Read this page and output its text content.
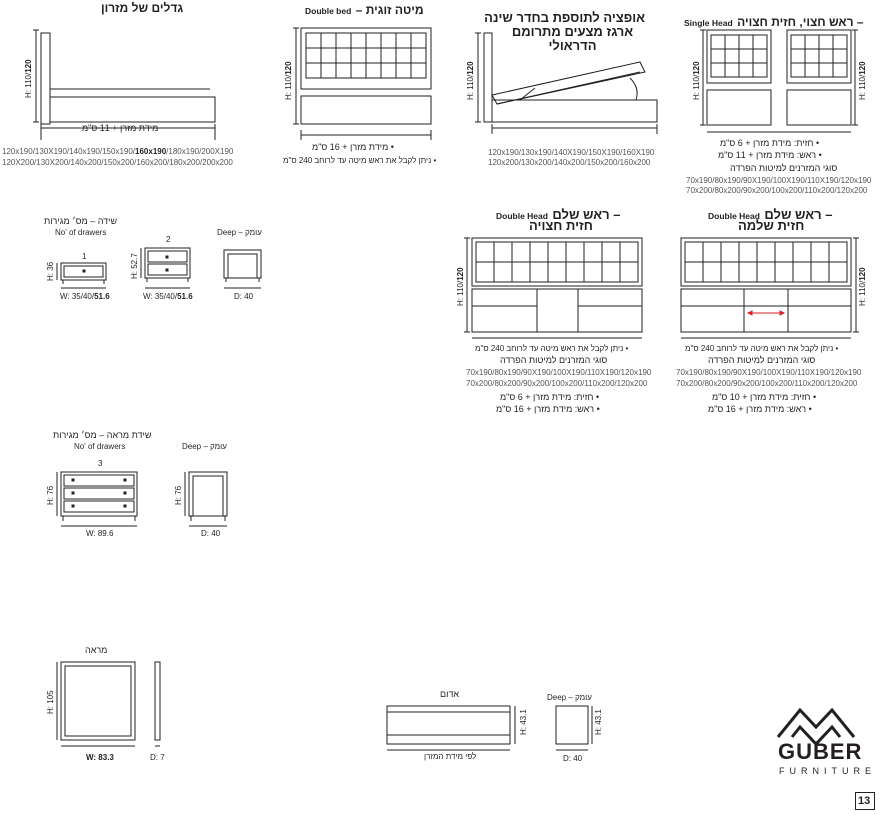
גדלים של מזרון
H: 110/120
מידת מזרן + 11 ס"מ
120x190/130X190/140x190/150x190/160x190/180x190/200X190
120X200/130X200/140x200/150x200/160x200/180x200/200x200
Double bed – מיטה זוגית
H: 110/120
• מידת מזרן + 16 ס"מ
• ניתן לקבל את ראש מיטה עד לרוחב 240 ס"מ
אופציה לתוספת בחדר שינה
ארגז מצעים מתרומם
הדראולי
H: 110/120
120x190/130x190/140X190/150X190/160X190
120x200/130x200/140x200/150x200/160x200
Single Head ראש חצוי, חזית חצויה –
H: 110/120
H: 110/120
• חזית: מידת מזרן + 6 ס"מ
• ראש: מידת מזרן + 11 ס"מ
סוגי המזרנים למיטות הפרדה
70x190/80x190/90X190/100X190/110X190/120x190
70x200/80x200/90x200/100x200/110x200/120x200
שידה – מס׳ מגירות
No' of drawers	Deep – עומק
1
2
H: 36	H: 52.7
W: 35/40/51.6	W: 35/40/51.6	D: 40
Double Head ראש שלם –
חזית חצויה
H: 110/120
• ניתן לקבל את ראש מיטה עד לרוחב 240 ס"מ
סוגי המזרנים למיטות הפרדה
70x190/80x190/90X190/100X190/110X190/120x190
70x200/80x200/90x200/100x200/110x200/120x200
• חזית: מידת מזרן + 6 ס"מ
• ראש: מידת מזרן + 16 ס"מ
Double Head ראש שלם –
חזית שלמה
H: 110/120
• ניתן לקבל את ראש מיטה עד לרוחב 240 ס"מ
סוגי המזרנים למיטות הפרדה
70x190/80x190/90X190/100X190/110X190/120x190
70x200/80x200/90x200/100x200/110x200/120x200
• חזית: מידת מזרן + 10 ס"מ
• ראש: מידת מזרן + 16 ס"מ
שידת מראה – מס׳ מגירות
No' of drawers	Deep – עומק
3
H: 76	H: 76
W: 89.6	D: 40
מראה
H: 105
W: 83.3	D: 7
אדום	Deep – עומק
H: 43.1	H: 43.1
לפי מידת המזרן	D: 40	GUBER
FURNITURE
13
